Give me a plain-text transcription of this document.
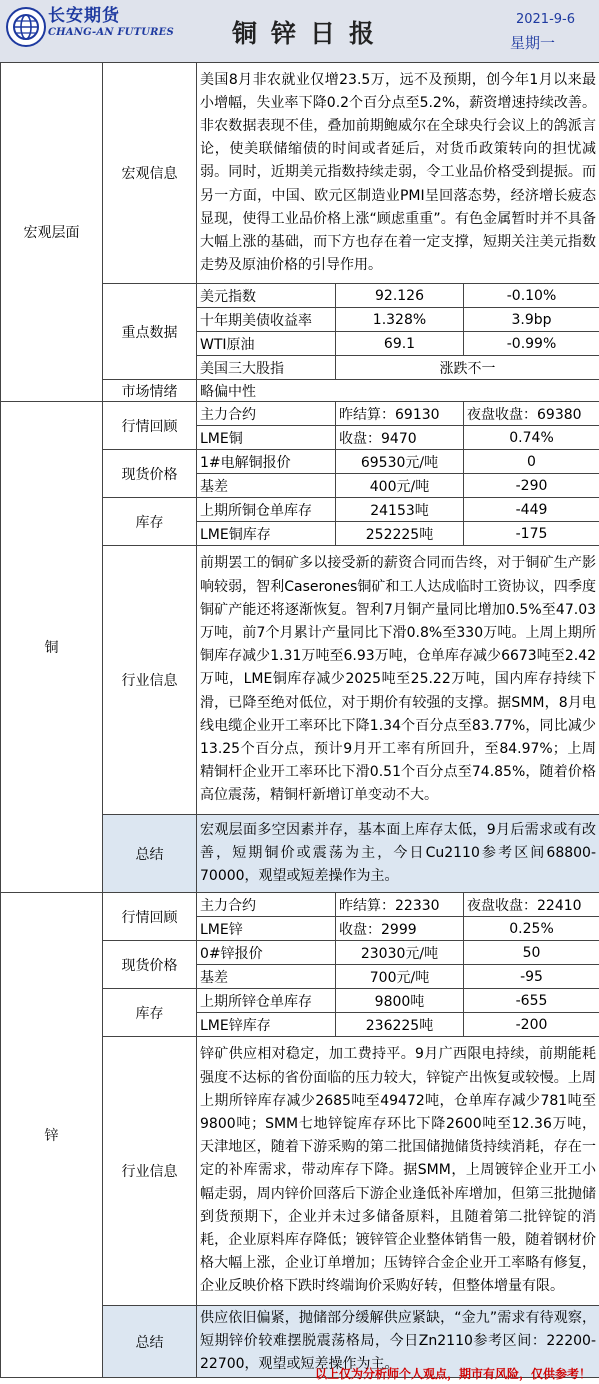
长安期货
CHANG-AN FUTURES 铜锌日报	2021-9-6
星期一
宏观层面	宏观信息	美国8月非农就业仅增23.5万，远不及预期，创今年1月以来最小增幅，失业率下降0.2个百分点至5.2%，薪资增速持续改善。非农数据表现不佳，叠加前期鲍威尔在全球央行会议上的鸽派言论，使美联储缩债的时间或者延后，对货币政策转向的担忧减弱。同时，近期美元指数持续走弱，令工业品价格受到提振。而另一方面，中国、欧元区制造业PMI呈回落态势，经济增长疲态显现，使得工业品价格上涨“顾虑重重”。有色金属暂时并不具备大幅上涨的基础，而下方也存在着一定支撑，短期关注美元指数走势及原油价格的引导作用。		
	重点数据	美元指数	92.126	-0.10%
		十年期美债收益率	1.328%	3.9bp
		WTI原油	69.1	-0.99%
		美国三大股指	涨跌不一	
	市场情绪	略偏中性		

铜	行情回顾	主力合约	昨结算：69130	夜盘收盘：69380
		LME铜	收盘：9470	0.74%
	现货价格	1#电解铜报价	69530元/吨	0
		基差	400元/吨	-290
	库存	上期所铜仓单库存	24153吨	-449
		LME铜库存	252225吨	-175
	行业信息	前期罢工的铜矿多以接受新的薪资合同而告终，对于铜矿生产影响较弱，智利Caserones铜矿和工人达成临时工资协议，四季度铜矿产能还将逐渐恢复。智利7月铜产量同比增加0.5%至47.03万吨，前7个月累计产量同比下滑0.8%至330万吨。上周上期所铜库存减少1.31万吨至6.93万吨，仓单库存减少6673吨至2.42万吨，LME铜库存减少2025吨至25.22万吨，国内库存持续下滑，已降至绝对低位，对于期价有较强的支撑。据SMM，8月电线电缆企业开工率环比下降1.34个百分点至83.77%，同比减少13.25个百分点，预计9月开工率有所回升，至84.97%；上周精铜杆企业开工率环比下滑0.51个百分点至74.85%，随着价格高位震荡，精铜杆新增订单变动不大。		
	总结	宏观层面多空因素并存，基本面上库存太低，9月后需求或有改善，短期铜价或震荡为主，今日Cu2110参考区间68800-70000，观望或短差操作为主。		

锌	行情回顾	主力合约	昨结算：22330	夜盘收盘：22410
		LME锌	收盘：2999	0.25%
	现货价格	0#锌报价	23030元/吨	50
		基差	700元/吨	-95
	库存	上期所锌仓单库存	9800吨	-655
		LME锌库存	236225吨	-200
	行业信息	锌矿供应相对稳定，加工费持平。9月广西限电持续，前期能耗强度不达标的省份面临的压力较大，锌锭产出恢复或较慢。上周上期所锌库存减少2685吨至49472吨，仓单库存减少781吨至9800吨；SMM七地锌锭库存环比下降2600吨至12.36万吨，天津地区，随着下游采购的第二批国储抛储货持续消耗，存在一定的补库需求，带动库存下降。据SMM，上周镀锌企业开工小幅走弱，周内锌价回落后下游企业逢低补库增加，但第三批抛储到货预期下，企业并未过多储备原料，且随着第二批锌锭的消耗，企业原料库存降低；镀锌管企业整体销售一般，随着钢材价格大幅上涨，企业订单增加；压铸锌合金企业开工率略有修复，企业反映价格下跌时终端询价采购好转，但整体增量有限。		
	总结	供应依旧偏紧，抛储部分缓解供应紧缺，“金九”需求有待观察，短期锌价较难摆脱震荡格局，今日Zn2110参考区间：22200-22700，观望或短差操作为主。		
以上仅为分析师个人观点，期市有风险，仅供参考！
